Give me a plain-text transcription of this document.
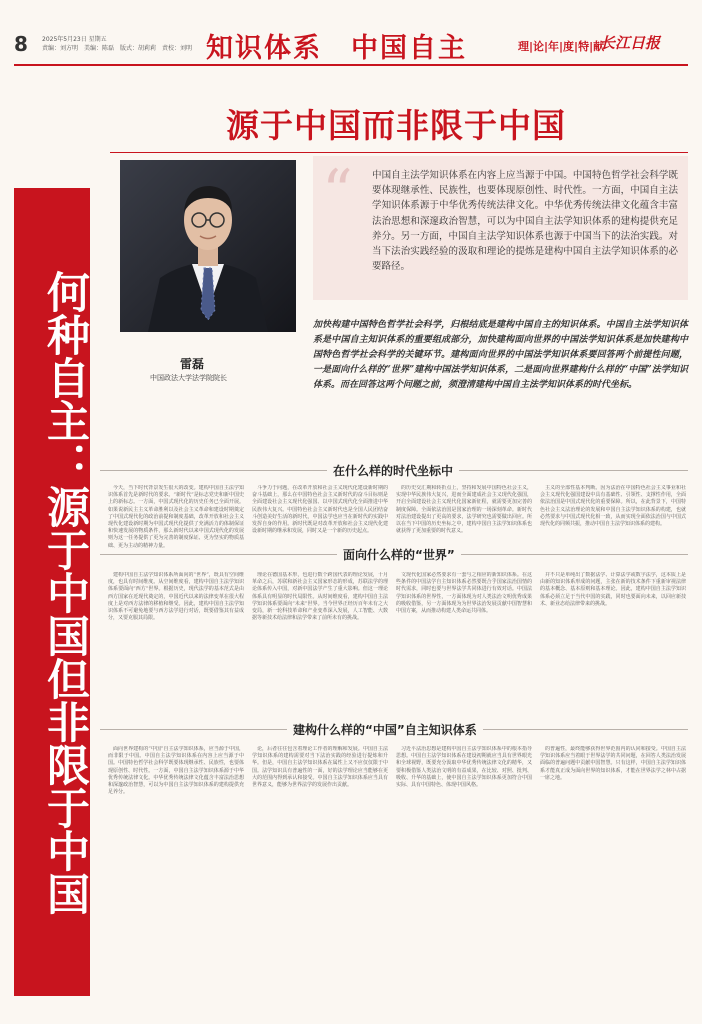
8 2025年5月23日 星期五
责编：刘方明　美编：陈磊　版式：胡莉莉　责校：刘明 知识体系　中国自主	理|论|年|度|特|献
长江日报
何种自主：源于中国但非限于中国
源于中国而非限于中国
雷磊
中国政法大学法学院院长
“ 中国自主法学知识体系在内容上应当源于中国。中国特色哲学社会科学既要体现继承性、民族性，也要体现原创性、时代性。一方面，中国自主法学知识体系源于中华优秀传统法律文化。中华优秀传统法律文化蕴含丰富法治思想和深邃政治智慧，可以为中国自主法学知识体系的建构提供充足养分。另一方面，中国自主法学知识体系也源于中国当下的法治实践。对当下法治实践经验的汲取和理论的提炼是建构中国自主法学知识体系的必要路径。
加快构建中国特色哲学社会科学，归根结底是建构中国自主的知识体系。中国自主法学知识体系是中国自主知识体系的重要组成部分，加快建构面向世界的中国法学知识体系是加快建构中国特色哲学社会科学的关键环节。建构面向世界的中国法学知识体系要回答两个前提性问题，一是面向什么样的“世界”建构中国法学知识体系，二是面向世界建构什么样的“中国”法学知识体系。而在回答这两个问题之前，须澄清建构中国自主法学知识体系的时代坐标。
在什么样的时代坐标中
今天，当下时代背景发生很大的改变。建构中国自主法学知识体系首先是新时代的要求。“新时代”是标志党史和新中国史上的新标志。一方面，中国式现代化的历史任务已全面开展。如果说新民主主义革命胜利以及社会主义革命和建设时期奠定了中国式现代化的政治前提和制度基础，改革开放和社会主义现代化建设新时期为中国式现代化提供了充满活力的体制保证和快速发展的物质条件，那么新时代以来中国式现代化的发展则为这一任务提供了更为完善的制度保证、更为坚实的物质基础、更为主动的精神力量。
斗争力于问题，在改革开放和社会主义现代化建设新时期的奋斗基础上，那么在中国特色社会主义新时代的奋斗目标则是全面建设社会主义现代化强国、以中国式现代化全面推进中华民族伟大复兴。中国特色社会主义新时代也是全国人民团结奋斗创造美好生活的新时代，中国法学也应当在新时代的实践中发挥自身的作用。新时代既是对改革开放和社会主义现代化建设新时期的继承和发展，同时又是一个新的历史起点。
的历史交汇期和转折点上，坚持和发展中国特色社会主义，实现中华民族伟大复兴，进而全面建成社会主义现代化强国，开启全面建设社会主义现代化国家新征程，就需要更加完善的制度保障。全面依法治国是国家治理的一场深刻革命。新时代对法治建设提出了更高的要求，法学研究也需要做出回应。所以在当下中国的历史坐标之中，建构中国自主法学知识体系也就获得了更加重要的时代意义。
主义的全部性基本判断。因为法治在中国特色社会主义事业和社会主义现代化强国建设中具有基础性、引领性、支撑性作用，全面依法治国是中国式现代化的重要保障。所以，在此背景下，中国特色社会主义法治理论的发展和中国自主法学知识体系的构建，也就必然要求与中国式现代化相一致，从而实现全面依法治国与中国式现代化的同频共振，推动中国自主法学知识体系的建构。
面向什么样的“世界”
建构中国自主法学知识体系所面向的“世界”，既具有空间维度，也具有时间维度。从空间维度看，建构中国自主法学知识体系要面向“西方”世界。根据历史，现代法学的基本范式是由西方国家在近现代奠定的，中国近代以来的法律变革在很大程度上是对西方法律的移植和继受。因此，建构中国自主法学知识体系不可避免地要与西方法学进行对话，既要借鉴其有益成分，又要克服其局限。
理论在德国基本形，也进行数个跨国代表的理论发展，十月革命之后，苏联和新社会主义国家形态的形成，苏联法学的理论体系传入中国，对新中国法学产生了重大影响。但这一理论体系具有明显的时代局限性。从时间维度看，建构中国自主法学知识体系要面向“未来”世界。当今世界正经历百年未有之大变局，新一轮科技革命和产业变革深入发展，人工智能、大数据等新技术给法律和法学带来了前所未有的挑战。
文现代化国家必然要求有一套与之相应的新知识体系。在这些条件的中国法学自主知识体系必然要既合乎国家法治国情的时代需求，同时也要与世界法学共同体进行有效对话。中国法学知识体系的世界性，一方面体现为对人类法治文明优秀成果的吸收借鉴，另一方面体现为为世界法治发展贡献中国智慧和中国方案，从而推动构建人类命运共同体。
并不只是单纯出了数据法学、计算法学或数字法学，这本质上是由新的知识体系形成的问题，主张在新的技术条件下重新审视法律的基本概念、基本原则和基本理论。因此，建构中国自主法学知识体系必须立足于当代中国的实践，同时也要面向未来，以回应新技术、新业态给法律带来的挑战。
建构什么样的“中国”自主知识体系
面向世界建构的“中国”自主法学知识体系，应当源于中国，而非限于中国。中国自主法学知识体系在内容上应当源于中国。中国特色哲学社会科学既要体现继承性、民族性，也要体现原创性、时代性。一方面，中国自主法学知识体系源于中华优秀传统法律文化。中华优秀传统法律文化蕴含丰富法治思想和深邃政治智慧，可以为中国自主法学知识体系的建构提供充足养分。
论，后者往往包含着理论工作者的理解和发展。中国自主法学知识体系的建构需要对当下法治实践的经验进行提炼和升华。但是，中国自主法学知识体系在属性上又不应仅仅限于中国。法学知识具有普遍性的一面，好的法学理论应当能够在更大的范围内得到承认和接受。中国自主法学知识体系应当具有世界意义，能够为世界法学的发展作出贡献。
习近平法治思想是建构中国自主法学知识体系中的根本指导思想。中国自主法学知识体系在建设初期就应当具有世界眼光和全球视野，既要充分汲取中华优秀传统法律文化的精华，又要积极借鉴人类法治文明的有益成果，在比较、对照、批判、吸收、升华的基础上，使中国自主法学知识体系更加符合中国实际、具有中国特色、体现中国风格。
的普遍性，最终能够获得世界范围内的认同和接受。中国自主法学知识体系应当着眼于世界法学的共同问题，在回答人类法治发展面临的普遍问题中贡献中国智慧。只有这样，中国自主法学知识体系才能真正成为面向世界的知识体系，才能在世界法学之林中占据一席之地。
